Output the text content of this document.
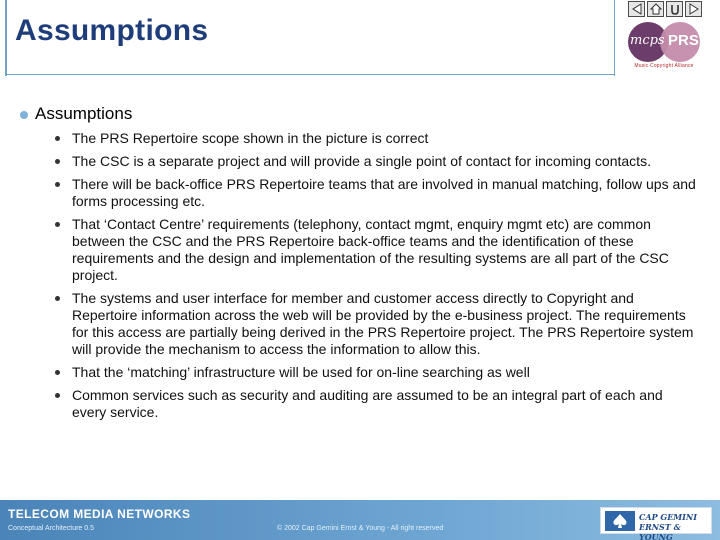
Assumptions	mcps PRS
Music Copyright Alliance
Assumptions
The PRS Repertoire scope shown in the picture is correct
The CSC is a separate project and will provide a single point of contact for incoming contacts.
There will be back-office PRS Repertoire teams that are involved in manual matching, follow ups and forms processing etc.
That ‘Contact Centre’ requirements (telephony, contact mgmt, enquiry mgmt etc) are common between the CSC and the PRS Repertoire back-office teams and the identification of these requirements and the design and implementation of the resulting systems are all part of the CSC project.
The systems and user interface for member and customer access directly to Copyright and Repertoire information across the web will be provided by the e-business project. The requirements for this access are partially being derived in the PRS Repertoire project. The PRS Repertoire system will provide the mechanism to access the information to allow this.
That the ‘matching’ infrastructure will be used for on-line searching as well
Common services such as security and auditing are assumed to be an integral part of each and every service.
TELECOM MEDIA NETWORKS
Conceptual Architecture 0.5	© 2002 Cap Gemini Ernst & Young - All right reserved
CAP GEMINI
ERNST & YOUNG
